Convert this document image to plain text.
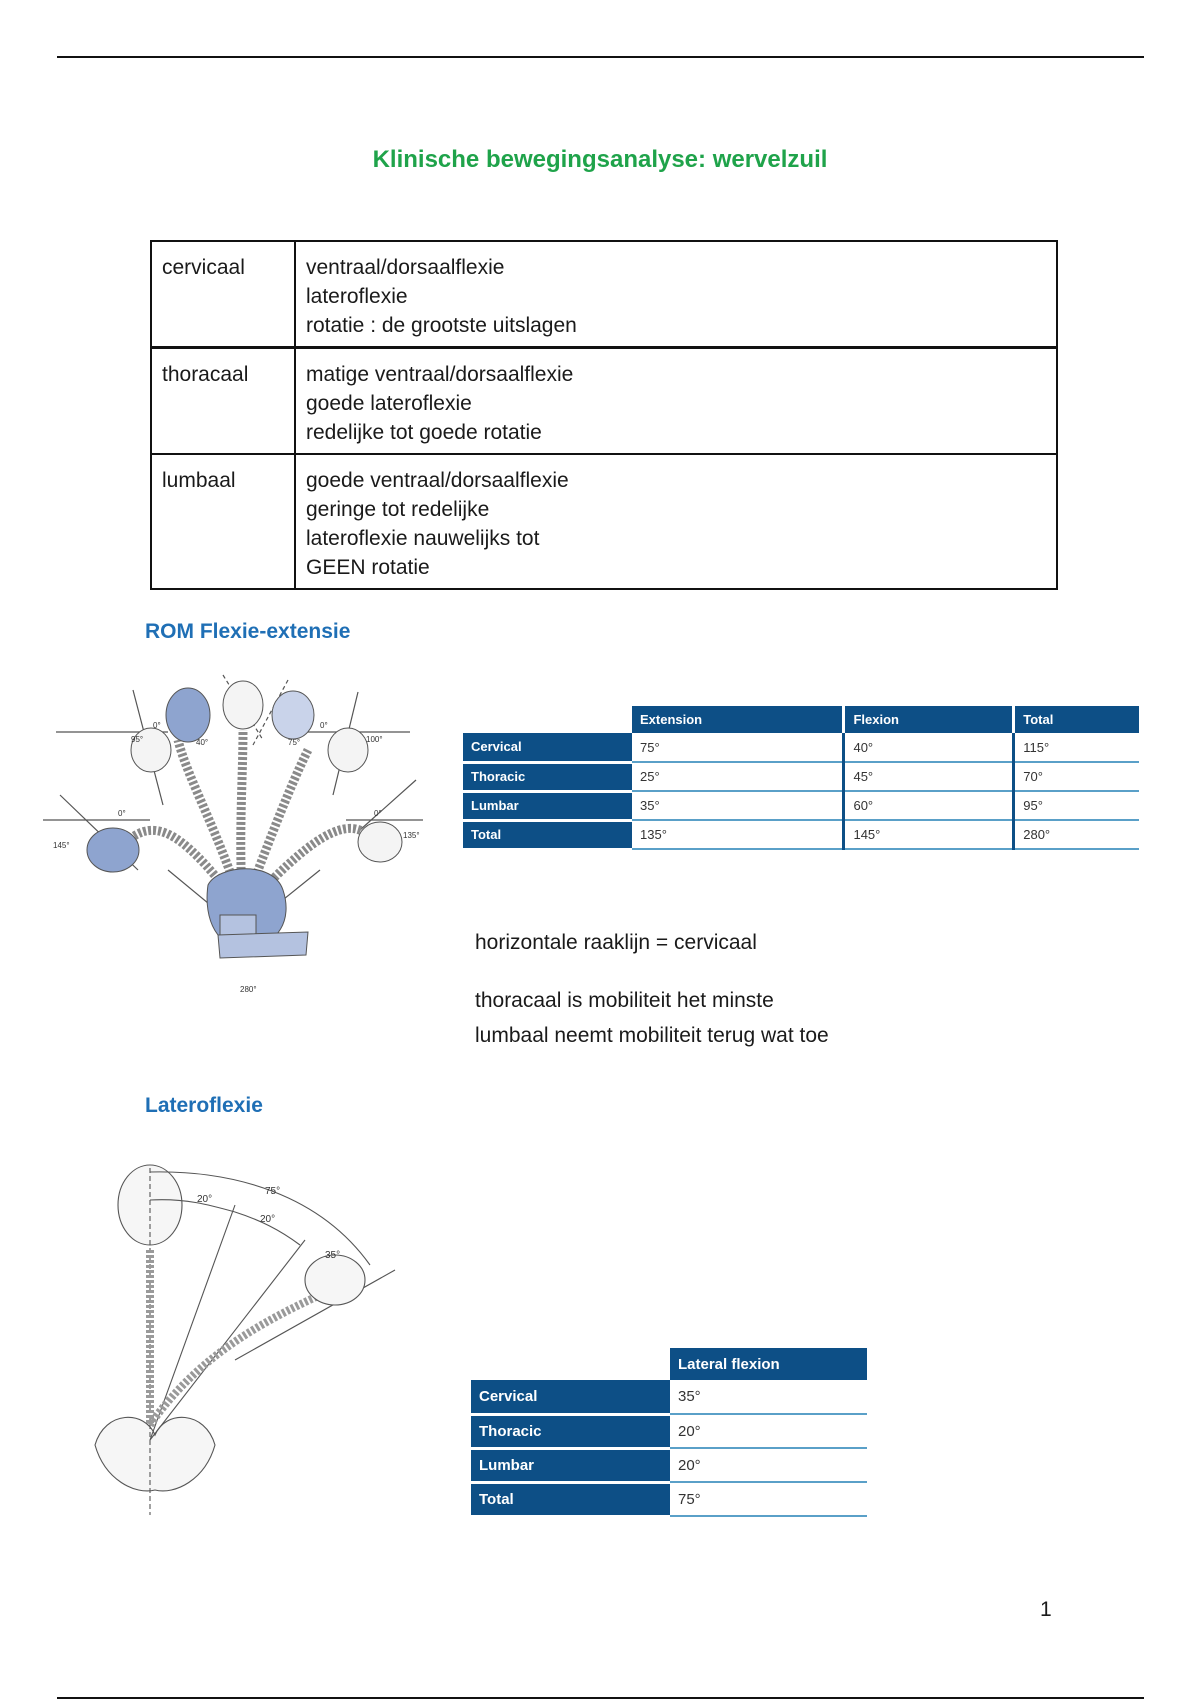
Klinische bewegingsanalyse: wervelzuil
cervicaal	ventraal/dorsaalflexie
lateroflexie
rotatie : de grootste uitslagen

thoracaal	matige ventraal/dorsaalflexie
goede lateroflexie
redelijke tot goede rotatie

lumbaal	goede ventraal/dorsaalflexie
geringe tot redelijke
lateroflexie nauwelijks tot
GEEN rotatie
ROM Flexie-extensie
0°
95°	40°	75°
0°
100°
0°
145°
0°
135°
280°
	Extension	Flexion	Total
Cervical	75°	40°	115°
Thoracic	25°	45°	70°
Lumbar	35°	60°	95°
Total	135°	145°	280°
horizontale raaklijn = cervicaal
thoracaal is mobiliteit het minste
lumbaal neemt mobiliteit terug wat toe
Lateroflexie
75°
20°
20°
35°
	Lateral flexion
Cervical	35°
Thoracic	20°
Lumbar	20°
Total	75°
1
